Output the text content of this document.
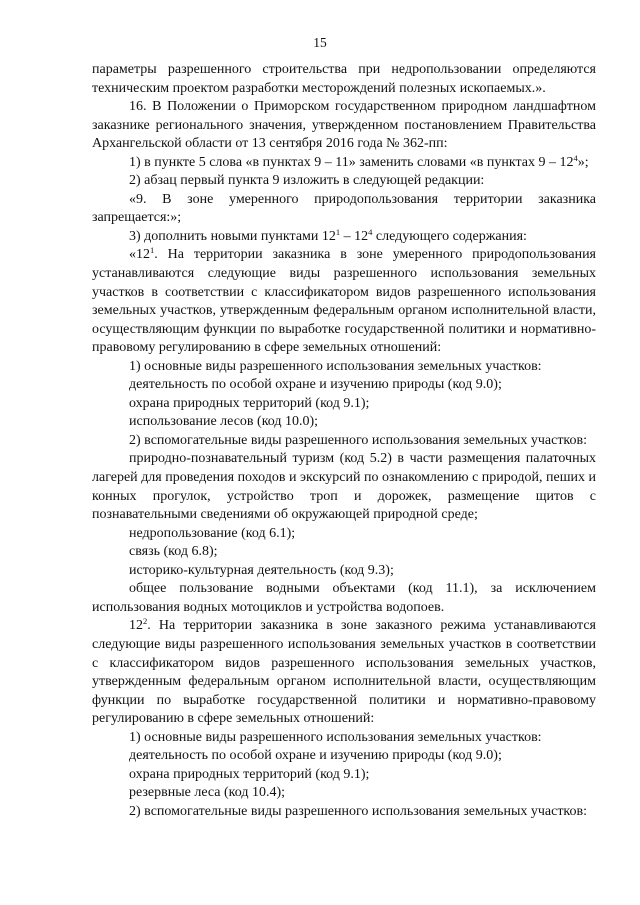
15

параметры разрешенного строительства при недропользовании определяются техническим проектом разработки месторождений полезных ископаемых.».

16. В Положении о Приморском государственном природном ландшафтном заказнике регионального значения, утвержденном постановлением Правительства Архангельской области от 13 сентября 2016 года № 362-пп:

1) в пункте 5 слова «в пунктах 9 – 11» заменить словами «в пунктах $9 - 12^4$»;

2) абзац первый пункта 9 изложить в следующей редакции:

«9. В зоне умеренного природопользования территории заказника запрещается:»;

3) дополнить новыми пунктами $12^1 - 12^4$ следующего содержания:

«$12^1$. На территории заказника в зоне умеренного природопользования устанавливаются следующие виды разрешенного использования земельных участков в соответствии с классификатором видов разрешенного использования земельных участков, утвержденным федеральным органом исполнительной власти, осуществляющим функции по выработке государственной политики и нормативно-правовому регулированию в сфере земельных отношений:

1) основные виды разрешенного использования земельных участков:

деятельность по особой охране и изучению природы (код 9.0);

охрана природных территорий (код 9.1);

использование лесов (код 10.0);

2) вспомогательные виды разрешенного использования земельных участков:

природно-познавательный туризм (код 5.2) в части размещения палаточных лагерей для проведения походов и экскурсий по ознакомлению с природой, пеших и конных прогулок, устройство троп и дорожек, размещение щитов с познавательными сведениями об окружающей природной среде;

недропользование (код 6.1);

связь (код 6.8);

историко-культурная деятельность (код 9.3);

общее пользование водными объектами (код 11.1), за исключением использования водных мотоциклов и устройства водопоев.

$12^2$. На территории заказника в зоне заказного режима устанавливаются следующие виды разрешенного использования земельных участков в соответствии с классификатором видов разрешенного использования земельных участков, утвержденным федеральным органом исполнительной власти, осуществляющим функции по выработке государственной политики и нормативно-правовому регулированию в сфере земельных отношений:

1) основные виды разрешенного использования земельных участков:

деятельность по особой охране и изучению природы (код 9.0);

охрана природных территорий (код 9.1);

резервные леса (код 10.4);

2) вспомогательные виды разрешенного использования земельных участков:
